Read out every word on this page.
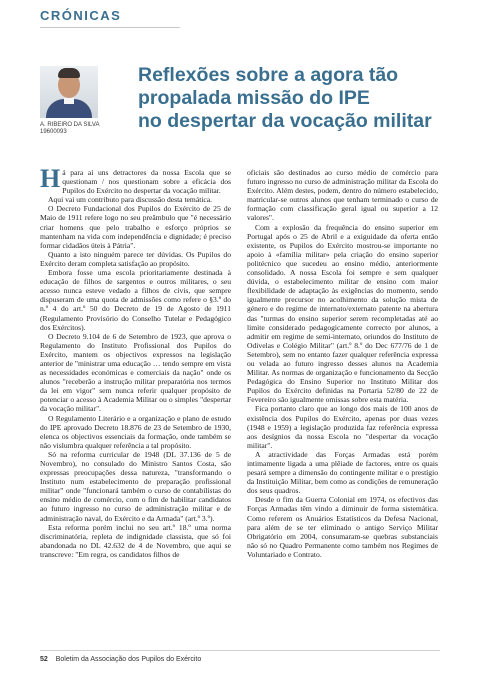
CRÓNICAS
A. RIBEIRO DA SILVA
19600093
Reflexões sobre a agora tão
propalada missão do IPE
no despertar da vocação militar

Há para aí uns detractores da nossa Escola que se questionam / nos questionam sobre a eficácia dos Pupilos do Exército no despertar da vocação militar.

Aqui vai um contributo para discussão desta temática.

O Decreto Fundacional dos Pupilos do Exército de 25 de Maio de 1911 refere logo no seu preâmbulo que "é necessário criar homens que pelo trabalho e esforço próprios se mantenham na vida com independência e dignidade; é preciso formar cidadãos úteis à Pátria".

Quanto a isto ninguém parece ter dúvidas. Os Pupilos do Exército deram completa satisfação ao propósito.

Embora fosse uma escola prioritariamente destinada à educação de filhos de sargentos e outros militares, o seu acesso nunca esteve vedado a filhos de civis, que sempre dispuseram de uma quota de admissões como refere o §3.º do n.º 4 do art.º 50 do Decreto de 19 de Agosto de 1911 (Regulamento Provisório do Conselho Tutelar e Pedagógico dos Exércitos).

O Decreto 9.104 de 6 de Setembro de 1923, que aprova o Regulamento do Instituto Profissional dos Pupilos do Exército, mantem os objectivos expressos na legislação anterior de "ministrar uma educação … tendo sempre em vista as necessidades económicas e comerciais da nação" onde os alunos "receberão a instrução militar preparatória nos termos da lei em vigor" sem nunca referir qualquer propósito de potenciar o acesso à Academia Militar ou o simples "despertar da vocação militar".

O Regulamento Literário e a organização e plano de estudo do IPE aprovado Decreto 18.876 de 23 de Setembro de 1930, elenca os objectivos essenciais da formação, onde também se não vislumbra qualquer referência a tal propósito.

Só na reforma curricular de 1948 (DL 37.136 de 5 de Novembro), no consulado do Ministro Santos Costa, são expressas preocupações dessa natureza, "transformando o Instituto num estabelecimento de preparação profissional militar" onde "funcionará também o curso de contabilistas do ensino médio de comércio, com o fim de habilitar candidatos ao futuro ingresso no curso de administração militar e de administração naval, do Exército e da Armada" (art.º 3.º).

Esta reforma porém inclui no seu art.º 18.º uma norma discriminatória, repleta de indignidade classista, que só foi abandonada no DL 42.632 de 4 de Novembro, que aqui se transcreve: "Em regra, os candidatos filhos de

oficiais são destinados ao curso médio de comércio para futuro ingresso no curso de administração militar da Escola do Exército. Além destes, podem, dentro do número estabelecido, matricular-se outros alunos que tenham terminado o curso de formação com classificação geral igual ou superior a 12 valores".

Com a explosão da frequência do ensino superior em Portugal após o 25 de Abril e a exiguidade da oferta então existente, os Pupilos do Exército mostrou-se importante no apoio à «família militar» pela criação do ensino superior politécnico que sucedeu ao ensino médio, anteriormente consolidado. A nossa Escola foi sempre e sem qualquer dúvida, o estabelecimento militar de ensino com maior flexibilidade de adaptação às exigências do momento, sendo igualmente precursor no acolhimento da solução mista de género e do regime de internato/externato patente na abertura das "turmas do ensino superior serem recompletadas até ao limite considerado pedagogicamente correcto por alunos, a admitir em regime de semi-internato, oriundos do Instituto de Odivelas e Colégio Militar" (art.º 8.º do Dec 677/76 de 1 de Setembro), sem no entanto fazer qualquer referência expressa ou velada ao futuro ingresso desses alunos na Academia Militar. As normas de organização e funcionamento da Secção Pedagógica do Ensino Superior no Instituto Militar dos Pupilos do Exército definidas na Portaria 52/80 de 22 de Fevereiro são igualmente omissas sobre esta matéria.

Fica portanto claro que ao longo dos mais de 100 anos de existência dos Pupilos do Exército, apenas por duas vezes (1948 e 1959) a legislação produzida faz referência expressa aos desígnios da nossa Escola no "despertar da vocação militar".

A atractividade das Forças Armadas está porém intimamente ligada a uma plêiade de factores, entre os quais pesará sempre a dimensão do contingente militar e o prestígio da Instituição Militar, bem como as condições de remuneração dos seus quadros.

Desde o fim da Guerra Colonial em 1974, os efectivos das Forças Armadas têm vindo a diminuir de forma sistemática. Como referem os Anuários Estatísticos da Defesa Nacional, para além de se ter eliminado o antigo Serviço Militar Obrigatório em 2004, consumaram-se quebras substanciais não só no Quadro Permanente como também nos Regimes de Voluntariado e Contrato.

52 Boletim da Associação dos Pupilos do Exército
